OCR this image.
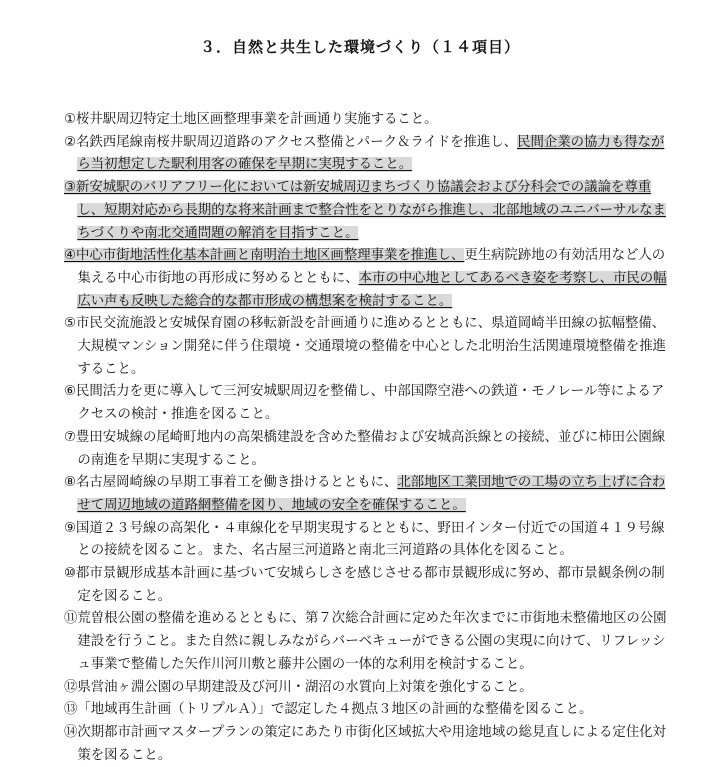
３．自然と共生した環境づくり（１４項目）

①桜井駅周辺特定土地区画整理事業を計画通り実施すること。

②名鉄西尾線南桜井駅周辺道路のアクセス整備とパーク＆ライドを推進し、民間企業の協力も得ながら当初想定した駅利用客の確保を早期に実現すること。

③新安城駅のバリアフリー化においては新安城周辺まちづくり協議会および分科会での議論を尊重し、短期対応から長期的な将来計画まで整合性をとりながら推進し、北部地域のユニバーサルなまちづくりや南北交通問題の解消を目指すこと。

④中心市街地活性化基本計画と南明治土地区画整理事業を推進し、更生病院跡地の有効活用など人の集える中心市街地の再形成に努めるとともに、本市の中心地としてあるべき姿を考察し、市民の幅広い声も反映した総合的な都市形成の構想案を検討すること。

⑤市民交流施設と安城保育園の移転新設を計画通りに進めるとともに、県道岡崎半田線の拡幅整備、大規模マンション開発に伴う住環境・交通環境の整備を中心とした北明治生活関連環境整備を推進すること。

⑥民間活力を更に導入して三河安城駅周辺を整備し、中部国際空港への鉄道・モノレール等によるアクセスの検討・推進を図ること。

⑦豊田安城線の尾崎町地内の高架橋建設を含めた整備および安城高浜線との接続、並びに柿田公園線の南進を早期に実現すること。

⑧名古屋岡崎線の早期工事着工を働き掛けるとともに、北部地区工業団地での工場の立ち上げに合わせて周辺地域の道路網整備を図り、地域の安全を確保すること。

⑨国道２３号線の高架化・４車線化を早期実現するとともに、野田インター付近での国道４１９号線との接続を図ること。また、名古屋三河道路と南北三河道路の具体化を図ること。

⑩都市景観形成基本計画に基づいて安城らしさを感じさせる都市景観形成に努め、都市景観条例の制定を図ること。

⑪荒曽根公園の整備を進めるとともに、第７次総合計画に定めた年次までに市街地未整備地区の公園建設を行うこと。また自然に親しみながらバーベキューができる公園の実現に向けて、リフレッシュ事業で整備した矢作川河川敷と藤井公園の一体的な利用を検討すること。

⑫県営油ヶ淵公園の早期建設及び河川・湖沼の水質向上対策を強化すること。

⑬「地域再生計画（トリプルＡ）」で認定した４拠点３地区の計画的な整備を図ること。

⑭次期都市計画マスタープランの策定にあたり市街化区域拡大や用途地域の総見直しによる定住化対策を図ること。
